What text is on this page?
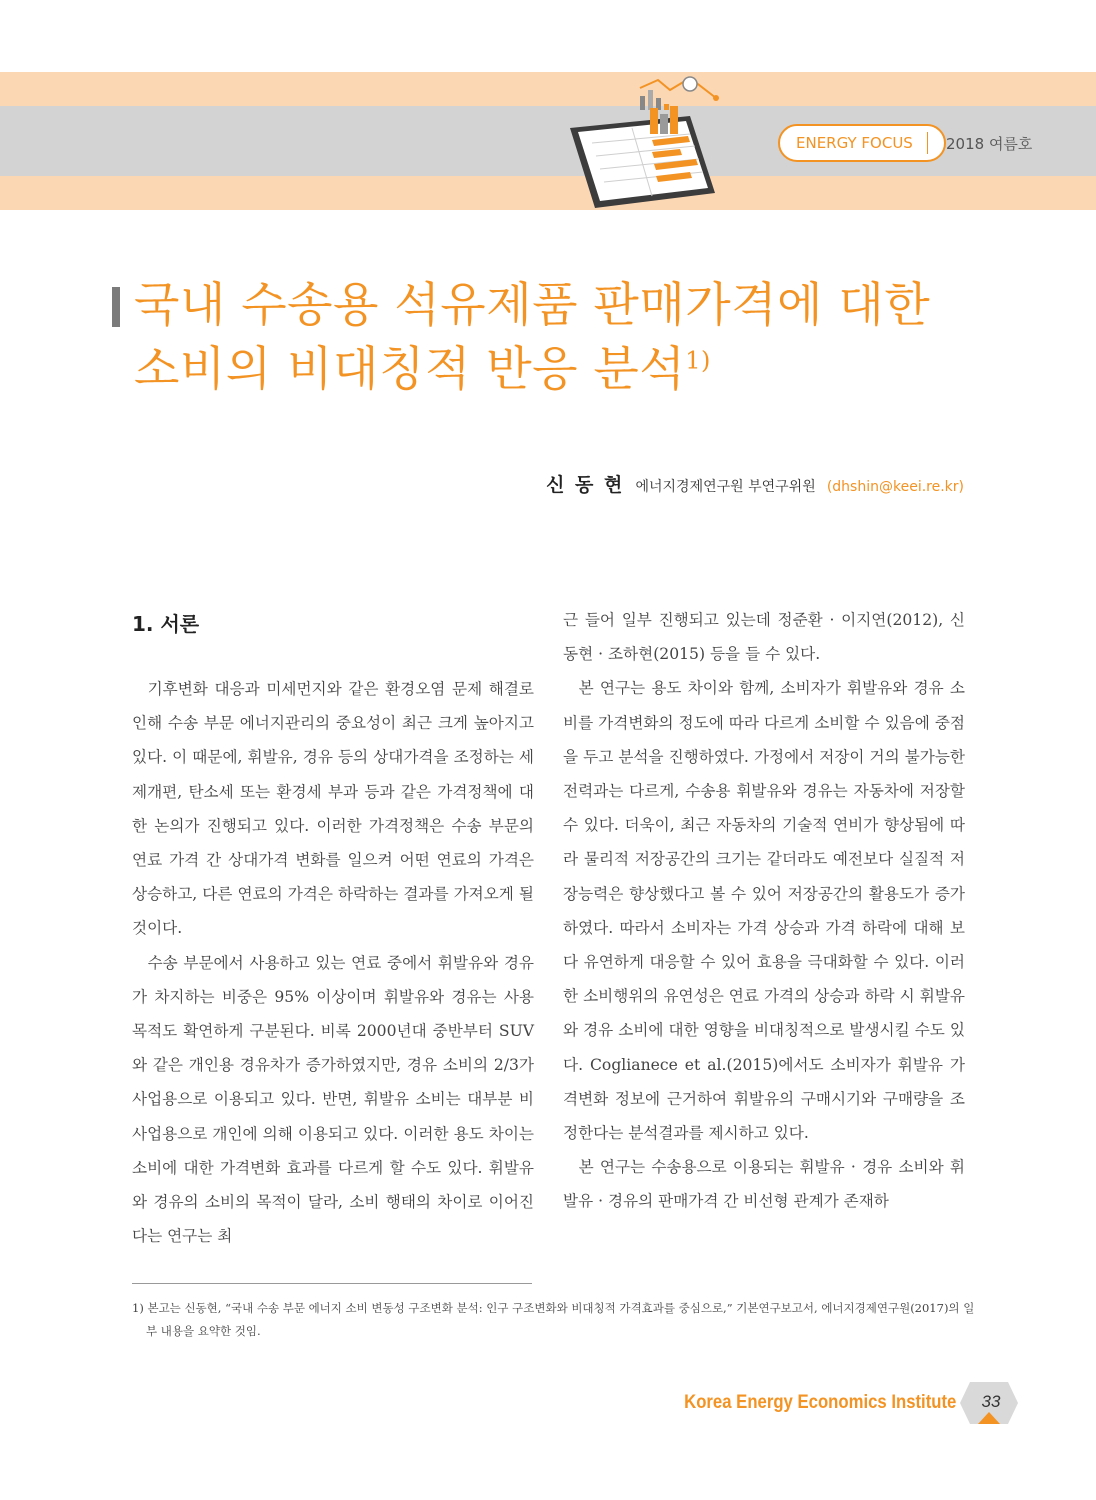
ENERGY FOCUS 2018 여름호
국내 수송용 석유제품 판매가격에 대한
소비의 비대칭적 반응 분석$^{1)}$
신 동 현 에너지경제연구원 부연구위원 (dhshin@keei.re.kr)
1. 서론

기후변화 대응과 미세먼지와 같은 환경오염 문제 해결로 인해 수송 부문 에너지관리의 중요성이 최근 크게 높아지고 있다. 이 때문에, 휘발유, 경유 등의 상대가격을 조정하는 세제개편, 탄소세 또는 환경세 부과 등과 같은 가격정책에 대한 논의가 진행되고 있다. 이러한 가격정책은 수송 부문의 연료 가격 간 상대가격 변화를 일으켜 어떤 연료의 가격은 상승하고, 다른 연료의 가격은 하락하는 결과를 가져오게 될 것이다.

수송 부문에서 사용하고 있는 연료 중에서 휘발유와 경유가 차지하는 비중은 95% 이상이며 휘발유와 경유는 사용 목적도 확연하게 구분된다. 비록 2000년대 중반부터 SUV와 같은 개인용 경유차가 증가하였지만, 경유 소비의 2/3가 사업용으로 이용되고 있다. 반면, 휘발유 소비는 대부분 비사업용으로 개인에 의해 이용되고 있다. 이러한 용도 차이는 소비에 대한 가격변화 효과를 다르게 할 수도 있다. 휘발유와 경유의 소비의 목적이 달라, 소비 행태의 차이로 이어진다는 연구는 최

근 들어 일부 진행되고 있는데 정준환 · 이지연(2012), 신동현 · 조하현(2015) 등을 들 수 있다.

본 연구는 용도 차이와 함께, 소비자가 휘발유와 경유 소비를 가격변화의 정도에 따라 다르게 소비할 수 있음에 중점을 두고 분석을 진행하였다. 가정에서 저장이 거의 불가능한 전력과는 다르게, 수송용 휘발유와 경유는 자동차에 저장할 수 있다. 더욱이, 최근 자동차의 기술적 연비가 향상됨에 따라 물리적 저장공간의 크기는 같더라도 예전보다 실질적 저장능력은 향상했다고 볼 수 있어 저장공간의 활용도가 증가하였다. 따라서 소비자는 가격 상승과 가격 하락에 대해 보다 유연하게 대응할 수 있어 효용을 극대화할 수 있다. 이러한 소비행위의 유연성은 연료 가격의 상승과 하락 시 휘발유와 경유 소비에 대한 영향을 비대칭적으로 발생시킬 수도 있다. Coglianece et al.(2015)에서도 소비자가 휘발유 가격변화 정보에 근거하여 휘발유의 구매시기와 구매량을 조정한다는 분석결과를 제시하고 있다.

본 연구는 수송용으로 이용되는 휘발유 · 경유 소비와 휘발유 · 경유의 판매가격 간 비선형 관계가 존재하

1) 본고는 신동현, “국내 수송 부문 에너지 소비 변동성 구조변화 분석: 인구 구조변화와 비대칭적 가격효과를 중심으로,” 기본연구보고서, 에너지경제연구원(2017)의 일부 내용을 요약한 것임.

Korea Energy Economics Institute	33
